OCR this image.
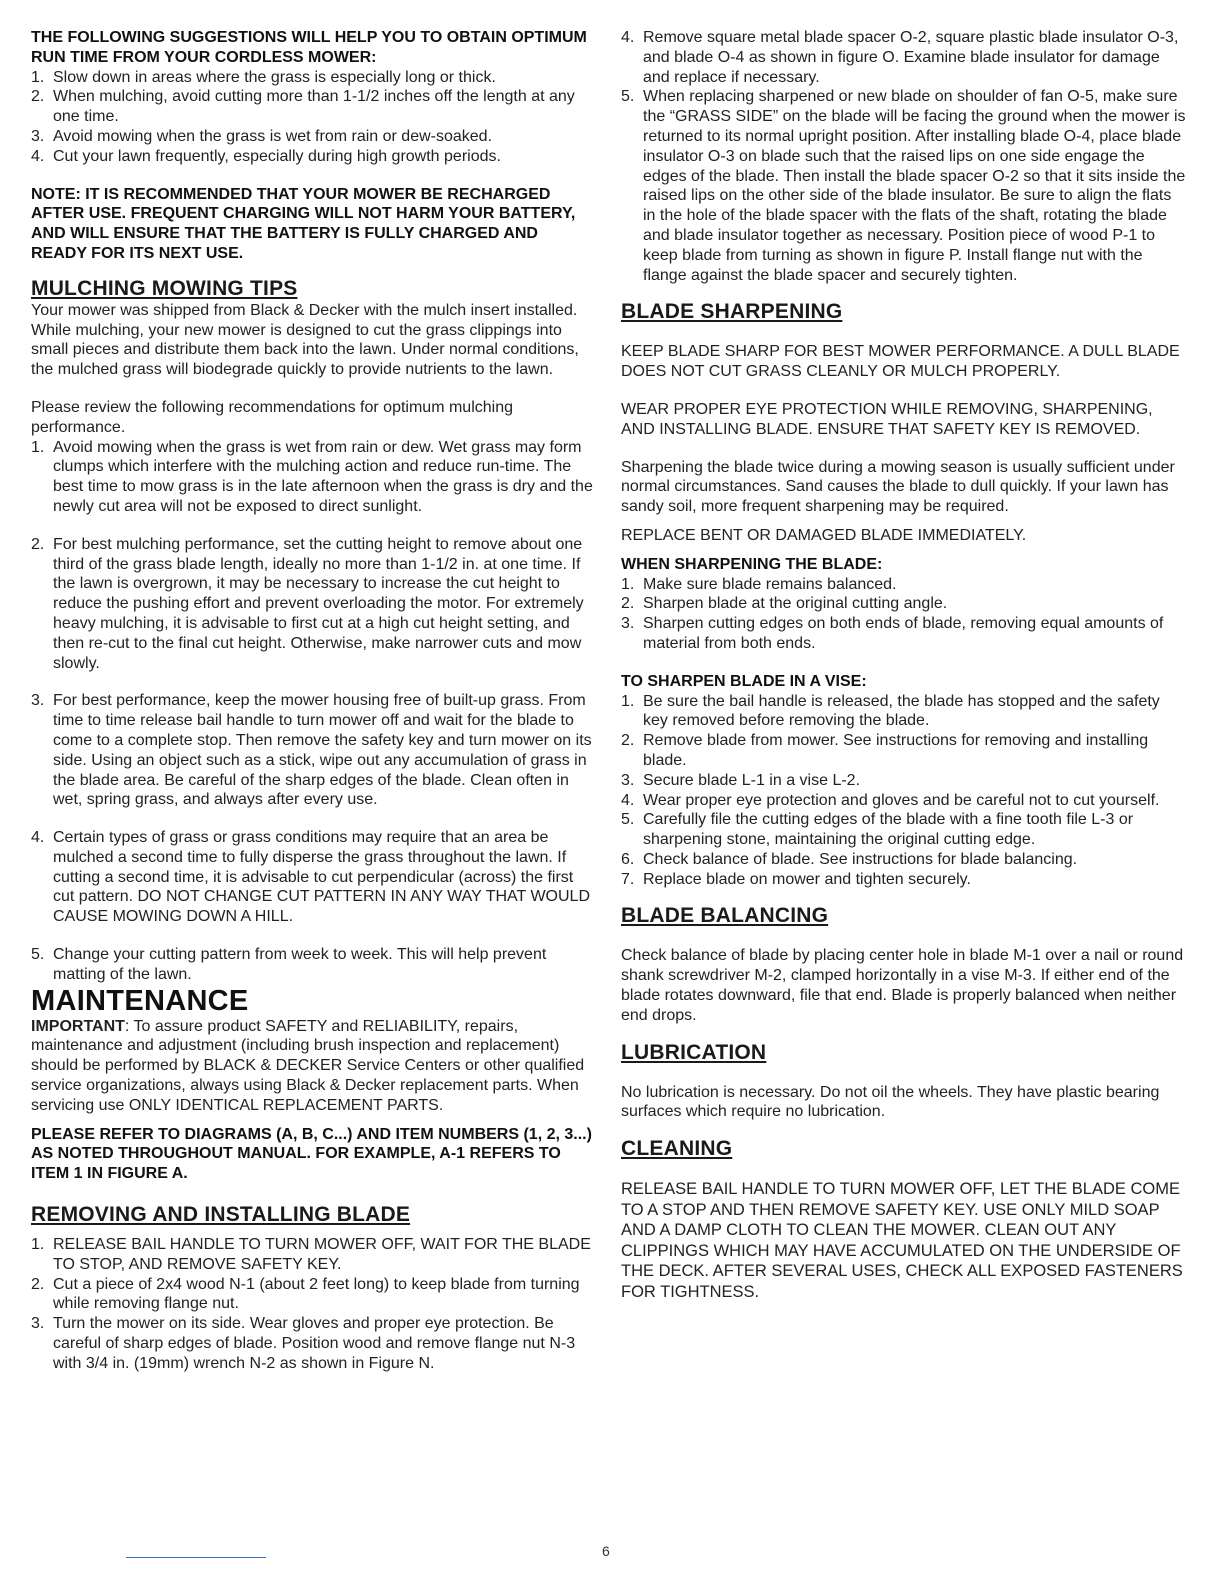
THE FOLLOWING SUGGESTIONS WILL HELP YOU TO OBTAIN OPTIMUM RUN TIME FROM YOUR CORDLESS MOWER:

1. Slow down in areas where the grass is especially long or thick.
2. When mulching, avoid cutting more than 1-1/2 inches off the length at any one time.
3. Avoid mowing when the grass is wet from rain or dew-soaked.
4. Cut your lawn frequently, especially during high growth periods.

NOTE: IT IS RECOMMENDED THAT YOUR MOWER BE RECHARGED AFTER USE. FREQUENT CHARGING WILL NOT HARM YOUR BATTERY, AND WILL ENSURE THAT THE BATTERY IS FULLY CHARGED AND READY FOR ITS NEXT USE.

MULCHING MOWING TIPS

Your mower was shipped from Black & Decker with the mulch insert installed.

While mulching, your new mower is designed to cut the grass clippings into small pieces and distribute them back into the lawn. Under normal conditions, the mulched grass will biodegrade quickly to provide nutrients to the lawn.

Please review the following recommendations for optimum mulching performance.

1. Avoid mowing when the grass is wet from rain or dew. Wet grass may form clumps which interfere with the mulching action and reduce run-time. The best time to mow grass is in the late afternoon when the grass is dry and the newly cut area will not be exposed to direct sunlight.
2. For best mulching performance, set the cutting height to remove about one third of the grass blade length, ideally no more than 1-1/2 in. at one time. If the lawn is overgrown, it may be necessary to increase the cut height to reduce the pushing effort and prevent overloading the motor. For extremely heavy mulching, it is advisable to first cut at a high cut height setting, and then re-cut to the final cut height. Otherwise, make narrower cuts and mow slowly.
3. For best performance, keep the mower housing free of built-up grass. From time to time release bail handle to turn mower off and wait for the blade to come to a complete stop. Then remove the safety key and turn mower on its side. Using an object such as a stick, wipe out any accumulation of grass in the blade area. Be careful of the sharp edges of the blade. Clean often in wet, spring grass, and always after every use.
4. Certain types of grass or grass conditions may require that an area be mulched a second time to fully disperse the grass throughout the lawn. If cutting a second time, it is advisable to cut perpendicular (across) the first cut pattern. DO NOT CHANGE CUT PATTERN IN ANY WAY THAT WOULD CAUSE MOWING DOWN A HILL.
5. Change your cutting pattern from week to week. This will help prevent matting of the lawn.
MAINTENANCE

IMPORTANT: To assure product SAFETY and RELIABILITY, repairs, maintenance and adjustment (including brush inspection and replacement) should be performed by BLACK & DECKER Service Centers or other qualified service organizations, always using Black & Decker replacement parts. When servicing use ONLY IDENTICAL REPLACEMENT PARTS.

PLEASE REFER TO DIAGRAMS (A, B, C...) AND ITEM NUMBERS (1, 2, 3...) AS NOTED THROUGHOUT MANUAL. FOR EXAMPLE, A-1 REFERS TO ITEM 1 IN FIGURE A.

REMOVING AND INSTALLING BLADE
1. RELEASE BAIL HANDLE TO TURN MOWER OFF, WAIT FOR THE BLADE TO STOP, AND REMOVE SAFETY KEY.
2. Cut a piece of 2x4 wood N-1 (about 2 feet long) to keep blade from turning while removing flange nut.
3. Turn the mower on its side. Wear gloves and proper eye protection. Be careful of sharp edges of blade. Position wood and remove flange nut N-3 with 3/4 in. (19mm) wrench N-2 as shown in Figure N.
4. Remove square metal blade spacer O-2, square plastic blade insulator O-3, and blade O-4 as shown in figure O. Examine blade insulator for damage and replace if necessary.
5. When replacing sharpened or new blade on shoulder of fan O-5, make sure the “GRASS SIDE” on the blade will be facing the ground when the mower is returned to its normal upright position. After installing blade O-4, place blade insulator O-3 on blade such that the raised lips on one side engage the edges of the blade. Then install the blade spacer O-2 so that it sits inside the raised lips on the other side of the blade insulator. Be sure to align the flats in the hole of the blade spacer with the flats of the shaft, rotating the blade and blade insulator together as necessary. Position piece of wood P-1 to keep blade from turning as shown in figure P. Install flange nut with the flange against the blade spacer and securely tighten.
BLADE SHARPENING

KEEP BLADE SHARP FOR BEST MOWER PERFORMANCE. A DULL BLADE DOES NOT CUT GRASS CLEANLY OR MULCH PROPERLY.

WEAR PROPER EYE PROTECTION WHILE REMOVING, SHARPENING, AND INSTALLING BLADE. ENSURE THAT SAFETY KEY IS REMOVED.

Sharpening the blade twice during a mowing season is usually sufficient under normal circumstances. Sand causes the blade to dull quickly. If your lawn has sandy soil, more frequent sharpening may be required.

REPLACE BENT OR DAMAGED BLADE IMMEDIATELY.

WHEN SHARPENING THE BLADE:

1. Make sure blade remains balanced.
2. Sharpen blade at the original cutting angle.
3. Sharpen cutting edges on both ends of blade, removing equal amounts of material from both ends.

TO SHARPEN BLADE IN A VISE:

1. Be sure the bail handle is released, the blade has stopped and the safety key removed before removing the blade.
2. Remove blade from mower. See instructions for removing and installing blade.
3. Secure blade L-1 in a vise L-2.
4. Wear proper eye protection and gloves and be careful not to cut yourself.
5. Carefully file the cutting edges of the blade with a fine tooth file L-3 or sharpening stone, maintaining the original cutting edge.
6. Check balance of blade. See instructions for blade balancing.
7. Replace blade on mower and tighten securely.
BLADE BALANCING

Check balance of blade by placing center hole in blade M-1 over a nail or round shank screwdriver M-2, clamped horizontally in a vise M-3. If either end of the blade rotates downward, file that end. Blade is properly balanced when neither end drops.

LUBRICATION

No lubrication is necessary. Do not oil the wheels. They have plastic bearing surfaces which require no lubrication.

CLEANING

RELEASE BAIL HANDLE TO TURN MOWER OFF, LET THE BLADE COME TO A STOP AND THEN REMOVE SAFETY KEY. USE ONLY MILD SOAP AND A DAMP CLOTH TO CLEAN THE MOWER. CLEAN OUT ANY CLIPPINGS WHICH MAY HAVE ACCUMULATED ON THE UNDERSIDE OF THE DECK. AFTER SEVERAL USES, CHECK ALL EXPOSED FASTENERS FOR TIGHTNESS.

6
